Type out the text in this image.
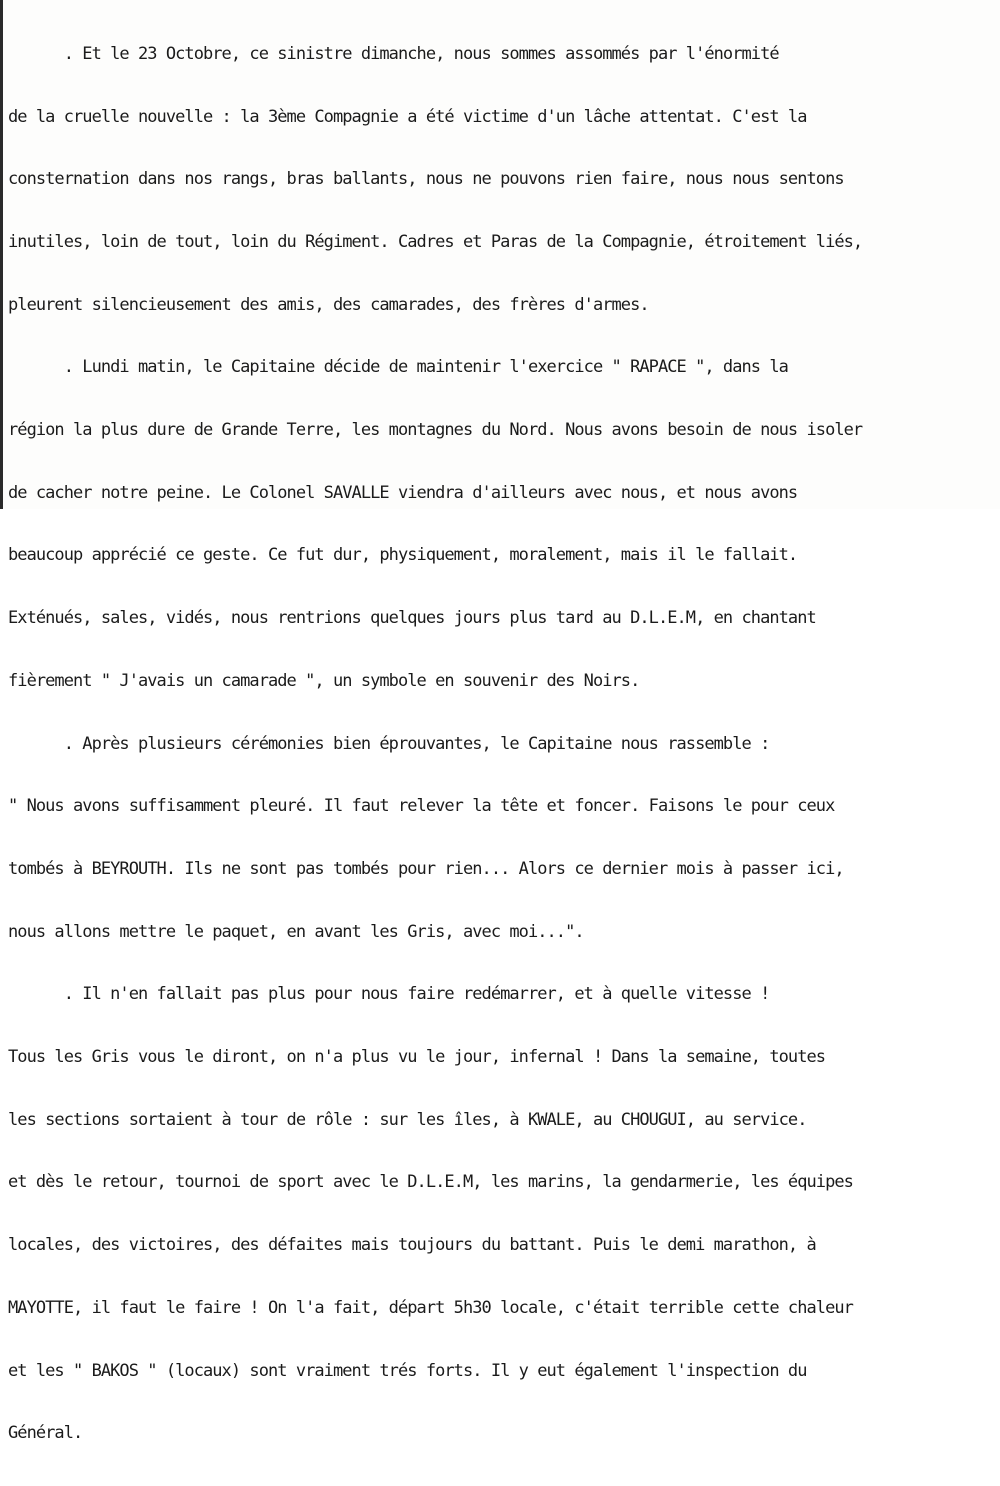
. Et le 23 Octobre, ce sinistre dimanche, nous sommes assommés par l'énormité

de la cruelle nouvelle : la 3ème Compagnie a été victime d'un lâche attentat. C'est la

consternation dans nos rangs, bras ballants, nous ne pouvons rien faire, nous nous sentons

inutiles, loin de tout, loin du Régiment. Cadres et Paras de la Compagnie, étroitement liés,

pleurent silencieusement des amis, des camarades, des frères d'armes.

. Lundi matin, le Capitaine décide de maintenir l'exercice " RAPACE ", dans la

région la plus dure de Grande Terre, les montagnes du Nord. Nous avons besoin de nous isoler

de cacher notre peine. Le Colonel SAVALLE viendra d'ailleurs avec nous, et nous avons

beaucoup apprécié ce geste. Ce fut dur, physiquement, moralement, mais il le fallait.

Exténués, sales, vidés, nous rentrions quelques jours plus tard au D.L.E.M, en chantant

fièrement " J'avais un camarade ", un symbole en souvenir des Noirs.

. Après plusieurs cérémonies bien éprouvantes, le Capitaine nous rassemble :

" Nous avons suffisamment pleuré. Il faut relever la tête et foncer. Faisons le pour ceux

tombés à BEYROUTH. Ils ne sont pas tombés pour rien... Alors ce dernier mois à passer ici,

nous allons mettre le paquet, en avant les Gris, avec moi...".

. Il n'en fallait pas plus pour nous faire redémarrer, et à quelle vitesse !

Tous les Gris vous le diront, on n'a plus vu le jour, infernal ! Dans la semaine, toutes

les sections sortaient à tour de rôle : sur les îles, à KWALE, au CHOUGUI, au service.

et dès le retour, tournoi de sport avec le D.L.E.M, les marins, la gendarmerie, les équipes

locales, des victoires, des défaites mais toujours du battant. Puis le demi marathon, à

MAYOTTE, il faut le faire ! On l'a fait, départ 5h30 locale, c'était terrible cette chaleur

et les " BAKOS " (locaux) sont vraiment trés forts. Il y eut également l'inspection du

Général.
